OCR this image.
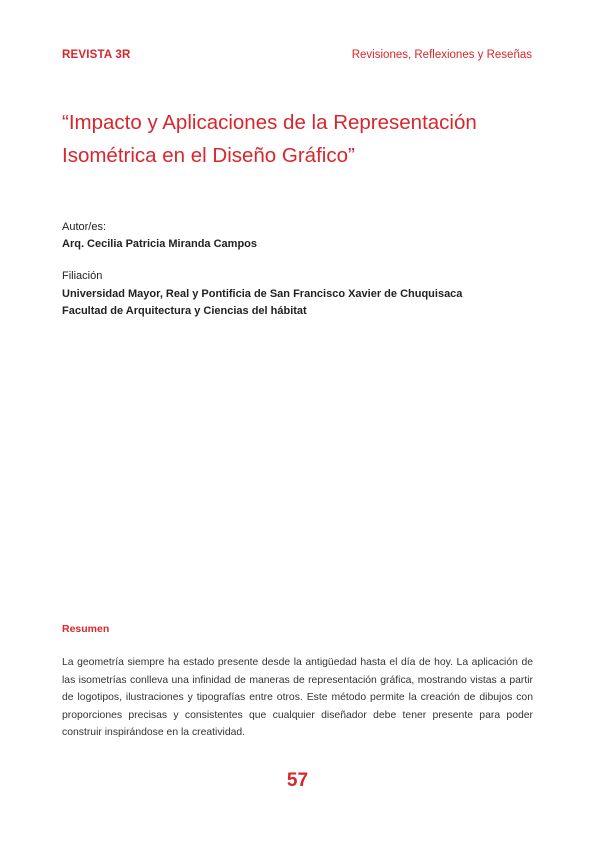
REVISTA 3R	Revisiones, Reflexiones y Reseñas
“Impacto y Aplicaciones de la Representación Isométrica en el Diseño Gráfico”
Autor/es:
Arq. Cecilia Patricia Miranda Campos
Filiación
Universidad Mayor, Real y Pontificia de San Francisco Xavier de Chuquisaca
Facultad de Arquitectura y Ciencias del hábitat
Resumen

La geometría siempre ha estado presente desde la antigüedad hasta el día de hoy. La aplicación de las isometrías conlleva una infinidad de maneras de representación gráfica, mostrando vistas a partir de logotipos, ilustraciones y tipografías entre otros. Este método permite la creación de dibujos con proporciones precisas y consistentes que cualquier diseñador debe tener presente para poder construir inspirándose en la creatividad.

57
